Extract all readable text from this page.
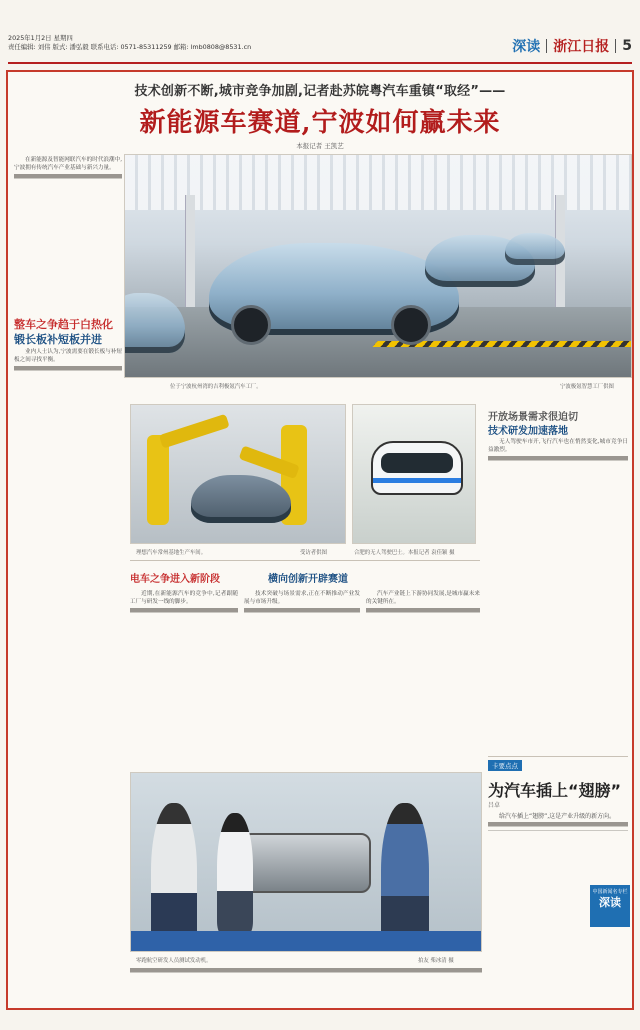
2025年1月2日 星期四
责任编辑: 刘伟 版式: 潘弘毅 联系电话: 0571-85311259 邮箱: lmb0808@8531.cn	深读 浙江日报 5
技术创新不断,城市竞争加剧,记者赴苏皖粤汽车重镇“取经”——
新能源车赛道,宁波如何赢未来
本报记者 王凯艺

在新能源及智能网联汽车的时代浪潮中,宁波拥有传统汽车产业基础与新兴力量。

位于宁波杭州湾的吉利极氪汽车工厂。	宁波极氪智慧工厂供图
整车之争趋于白热化
锻长板补短板并进

业内人士认为,宁波需要在锻长板与补短板之间寻找平衡。

理想汽车常州基地生产车间。	受访者供图	合肥的无人驾驶巴士。本报记者 袁佳颖 摄
开放场景需求很迫切
技术研发加速落地

无人驾驶车市开,飞行汽车也在悄然变化,城市竞争日益激烈。

电车之争进入新阶段	横向创新开辟赛道

近期,在新能源汽车的竞争中,记者跟随工厂与研发一线的脚步。

技术突破与场景需求,正在不断推动产业发展与市场升级。

汽车产业链上下游协同发展,是城市赢未来的关键所在。

卡要点点
为汽车插上“翅膀”
吕卓

给汽车插上“翅膀”,这是产业升级的新方向。

中国新闻名专栏
深读
零跑航空研发人员测试发动机。	拍友 柴冰清 摄
